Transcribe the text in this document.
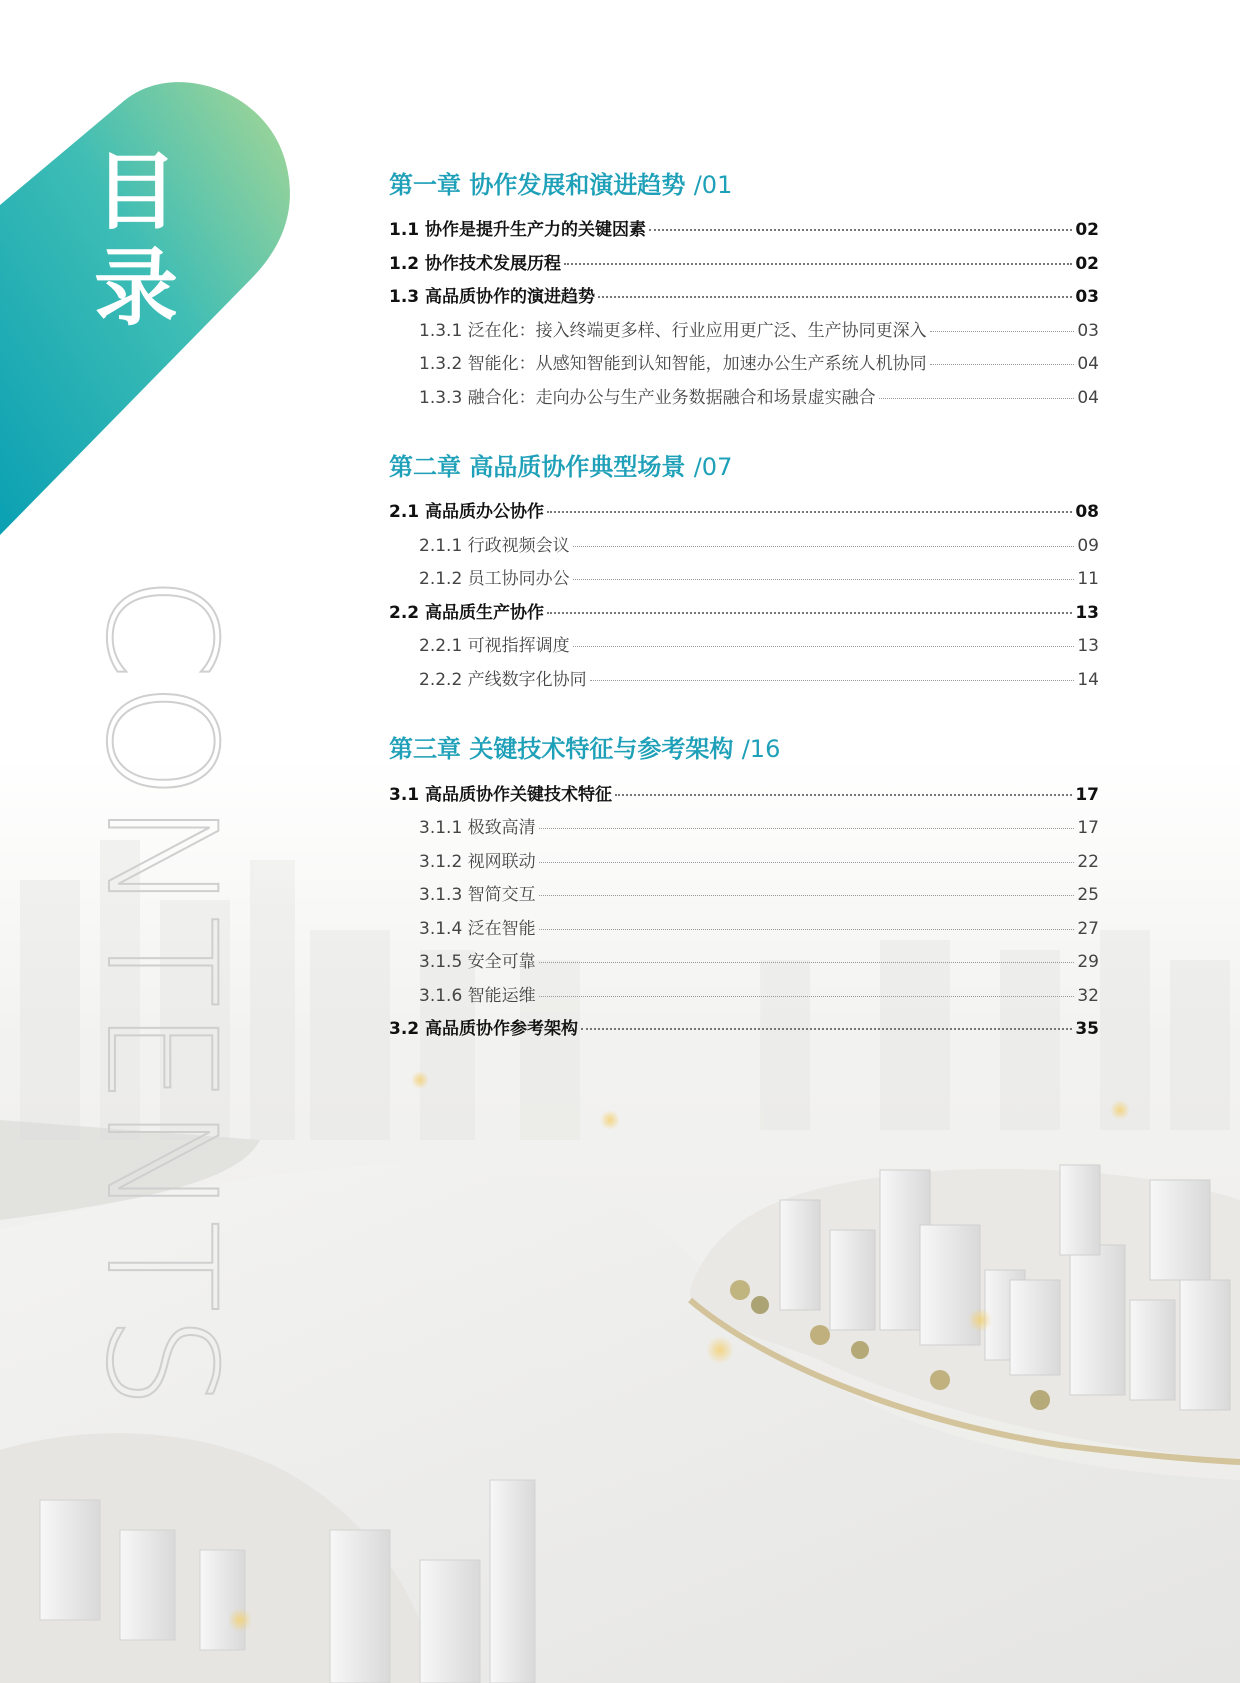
目
录
CONTENTS
第一章 协作发展和演进趋势 /01
1.1 协作是提升生产力的关键因素	02
1.2 协作技术发展历程	02
1.3 高品质协作的演进趋势	03
1.3.1 泛在化：接入终端更多样、行业应用更广泛、生产协同更深入	03
1.3.2 智能化：从感知智能到认知智能，加速办公生产系统人机协同	04
1.3.3 融合化：走向办公与生产业务数据融合和场景虚实融合	04
第二章 高品质协作典型场景 /07
2.1 高品质办公协作	08
2.1.1 行政视频会议	09
2.1.2 员工协同办公	11
2.2 高品质生产协作	13
2.2.1 可视指挥调度	13
2.2.2 产线数字化协同	14
第三章 关键技术特征与参考架构 /16
3.1 高品质协作关键技术特征	17
3.1.1 极致高清	17
3.1.2 视网联动	22
3.1.3 智简交互	25
3.1.4 泛在智能	27
3.1.5 安全可靠	29
3.1.6 智能运维	32
3.2 高品质协作参考架构	35
